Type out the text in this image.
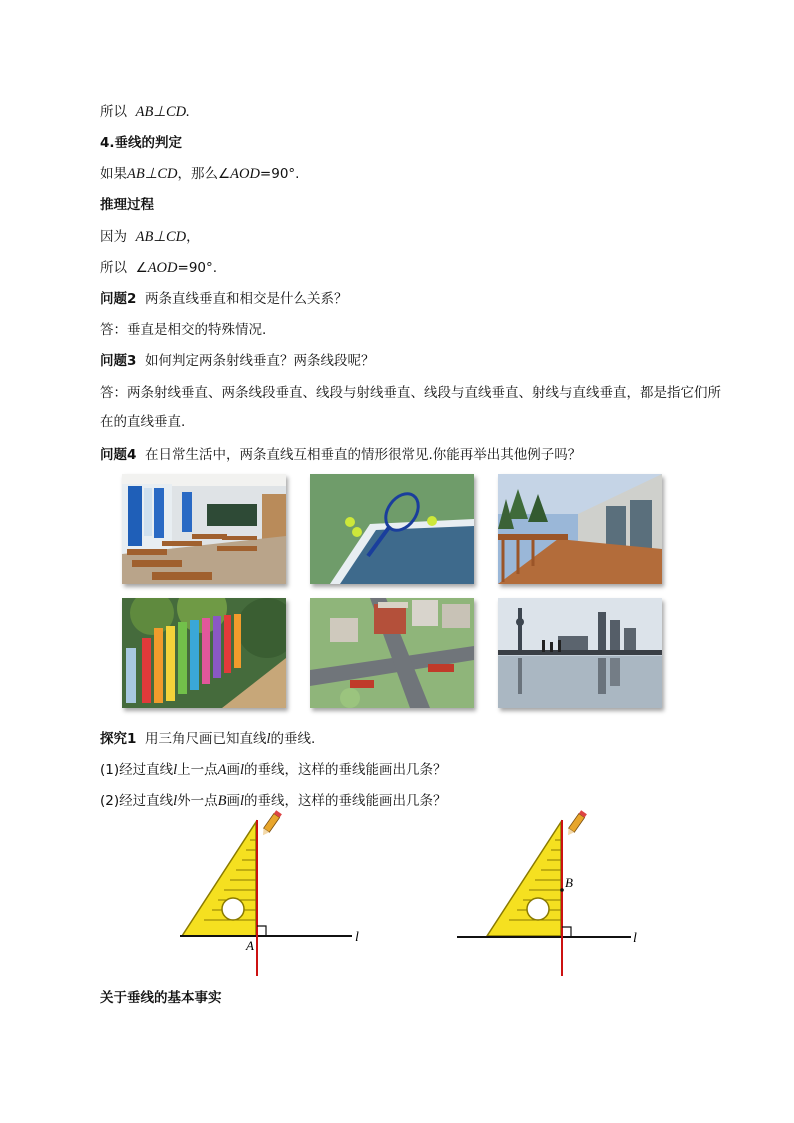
所以 AB⊥CD.
4.垂线的判定
如果AB⊥CD，那么∠AOD=90°.
推理过程
因为 AB⊥CD，
所以 ∠AOD=90°.
问题2 两条直线垂直和相交是什么关系？
答：垂直是相交的特殊情况.
问题3 如何判定两条射线垂直？两条线段呢？
答：两条射线垂直、两条线段垂直、线段与射线垂直、线段与直线垂直、射线与直线垂直，都是指它们所在的直线垂直.
问题4 在日常生活中，两条直线互相垂直的情形很常见.你能再举出其他例子吗？
探究1 用三角尺画已知直线l的垂线.
(1)经过直线l上一点A画l的垂线，这样的垂线能画出几条？
(2)经过直线l外一点B画l的垂线，这样的垂线能画出几条？
A
l
B
l
关于垂线的基本事实
